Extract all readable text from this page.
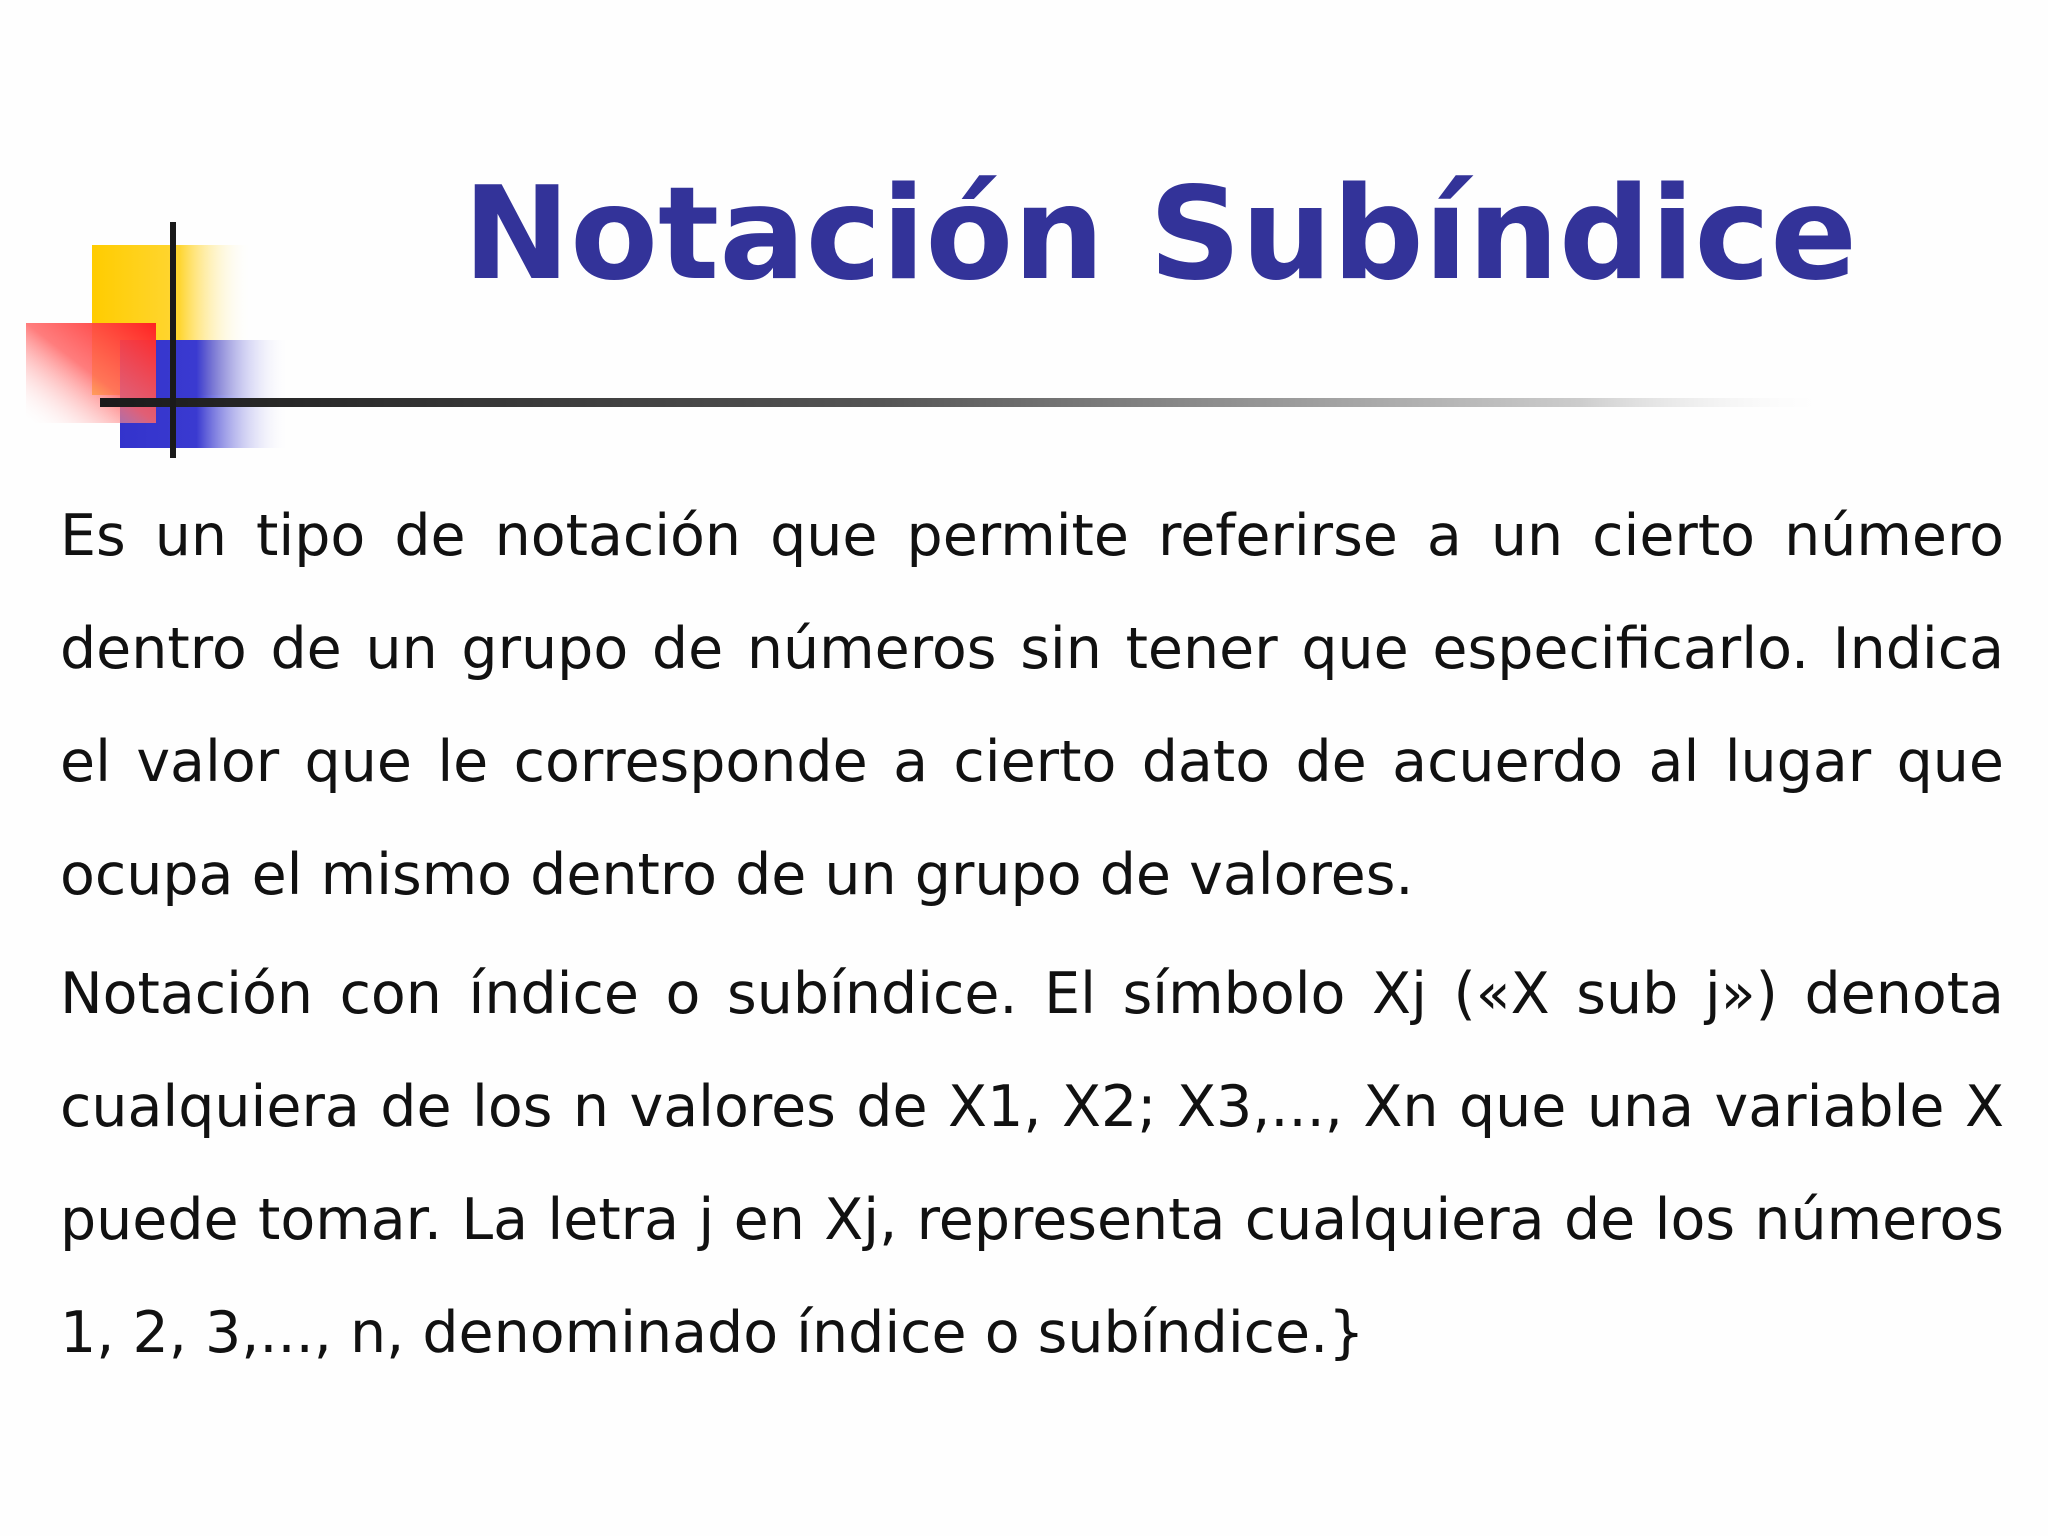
Notación Subíndice

Es un tipo de notación que permite referirse a un cierto número dentro de un grupo de números sin tener que especificarlo. Indica el valor que le corresponde a cierto dato de acuerdo al lugar que ocupa el mismo dentro de un grupo de valores.

Notación con índice o subíndice. El símbolo Xj («X sub j») denota cualquiera de los n valores de X1, X2; X3,..., Xn que una variable X puede tomar. La letra j en Xj, representa cualquiera de los números 1, 2, 3,..., n, denominado índice o subíndice.}
